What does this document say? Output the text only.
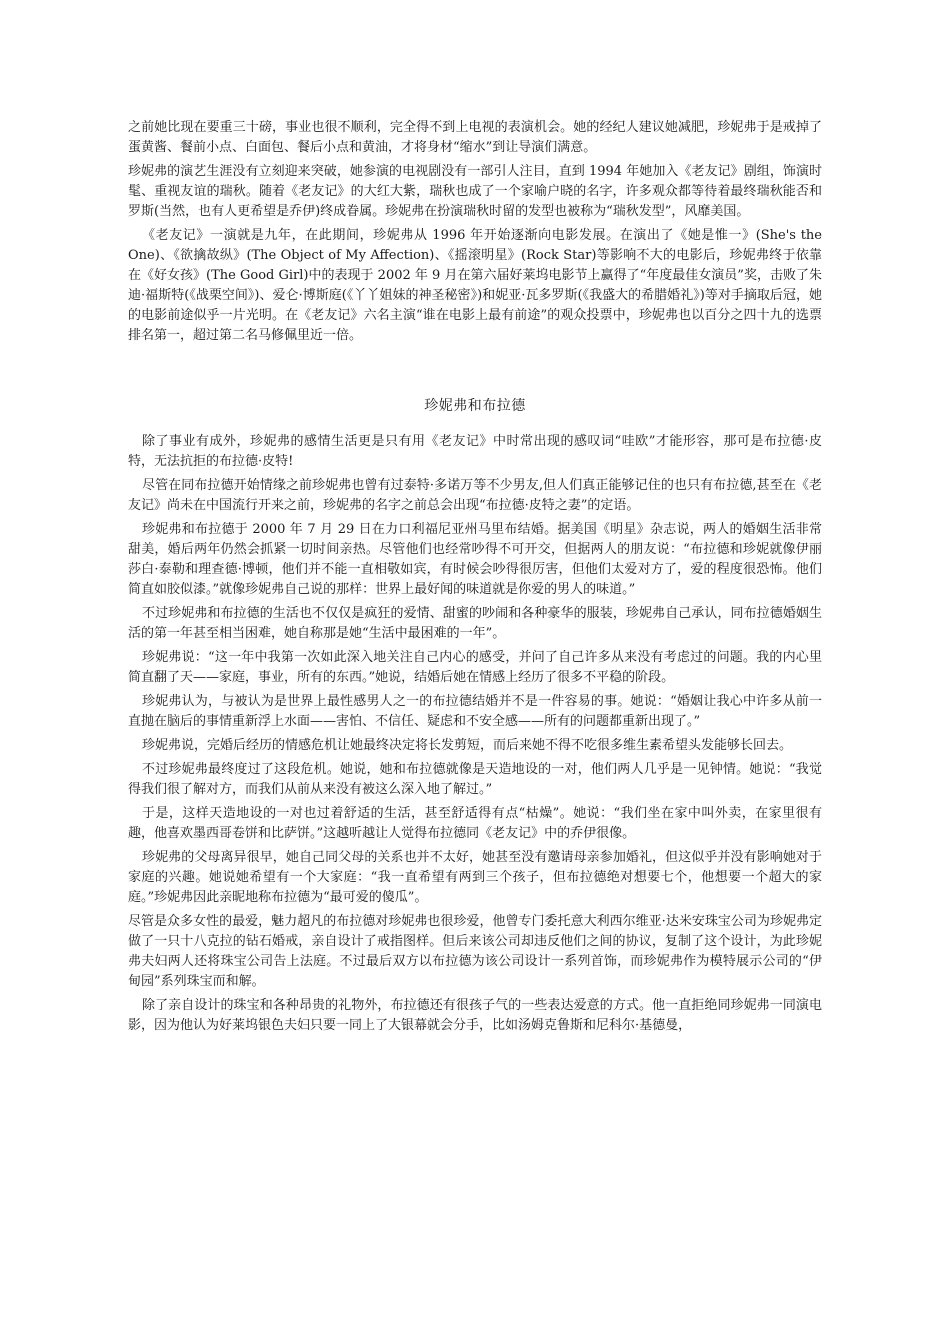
之前她比现在要重三十磅，事业也很不顺利，完全得不到上电视的表演机会。她的经纪人建议她减肥，珍妮弗于是戒掉了蛋黄酱、餐前小点、白面包、餐后小点和黄油，才将身材“缩水”到让导演们满意。

珍妮弗的演艺生涯没有立刻迎来突破，她参演的电视剧没有一部引人注目，直到 1994 年她加入《老友记》剧组，饰演时髦、重视友谊的瑞秋。随着《老友记》的大红大紫，瑞秋也成了一个家喻户晓的名字，许多观众都等待着最终瑞秋能否和罗斯(当然，也有人更希望是乔伊)终成眷属。珍妮弗在扮演瑞秋时留的发型也被称为“瑞秋发型”，风靡美国。

《老友记》一演就是九年，在此期间，珍妮弗从 1996 年开始逐渐向电影发展。在演出了《她是惟一》(She's the One)、《欲擒故纵》(The Object of My Affection)、《摇滚明星》(Rock Star)等影响不大的电影后，珍妮弗终于依靠在《好女孩》(The Good Girl)中的表现于 2002 年 9 月在第六届好莱坞电影节上赢得了“年度最佳女演员”奖，击败了朱迪·福斯特(《战栗空间》)、爱仑·博斯庭(《丫丫姐妹的神圣秘密》)和妮亚·瓦多罗斯(《我盛大的希腊婚礼》)等对手摘取后冠，她的电影前途似乎一片光明。在《老友记》六名主演“谁在电影上最有前途”的观众投票中，珍妮弗也以百分之四十九的选票排名第一，超过第二名马修佩里近一倍。

珍妮弗和布拉德

除了事业有成外，珍妮弗的感情生活更是只有用《老友记》中时常出现的感叹词“哇欧”才能形容，那可是布拉德·皮特，无法抗拒的布拉德·皮特!

尽管在同布拉德开始情缘之前珍妮弗也曾有过泰特·多诺万等不少男友,但人们真正能够记住的也只有布拉德,甚至在《老友记》尚未在中国流行开来之前，珍妮弗的名字之前总会出现“布拉德·皮特之妻”的定语。

珍妮弗和布拉德于 2000 年 7 月 29 日在力口利福尼亚州马里布结婚。据美国《明星》杂志说，两人的婚姻生活非常甜美，婚后两年仍然会抓紧一切时间亲热。尽管他们也经常吵得不可开交，但据两人的朋友说：“布拉德和珍妮就像伊丽莎白·泰勒和理查德·博顿，他们并不能一直相敬如宾，有时候会吵得很厉害，但他们太爱对方了，爱的程度很恐怖。他们简直如胶似漆。”就像珍妮弗自己说的那样：世界上最好闻的味道就是你爱的男人的味道。”

不过珍妮弗和布拉德的生活也不仅仅是疯狂的爱情、甜蜜的吵闹和各种豪华的服装，珍妮弗自己承认，同布拉德婚姻生活的第一年甚至相当困难，她自称那是她“生活中最困难的一年”。

珍妮弗说：“这一年中我第一次如此深入地关注自己内心的感受，并问了自己许多从来没有考虑过的问题。我的内心里简直翻了天——家庭，事业，所有的东西。”她说，结婚后她在情感上经历了很多不平稳的阶段。

珍妮弗认为，与被认为是世界上最性感男人之一的布拉德结婚并不是一件容易的事。她说：“婚姻让我心中许多从前一直抛在脑后的事情重新浮上水面——害怕、不信任、疑虑和不安全感——所有的问题都重新出现了。”

珍妮弗说，完婚后经历的情感危机让她最终决定将长发剪短，而后来她不得不吃很多维生素希望头发能够长回去。

不过珍妮弗最终度过了这段危机。她说，她和布拉德就像是天造地设的一对，他们两人几乎是一见钟情。她说：“我觉得我们很了解对方，而我们从前从来没有被这么深入地了解过。”

于是，这样天造地设的一对也过着舒适的生活，甚至舒适得有点“枯燥”。她说：“我们坐在家中叫外卖，在家里很有趣，他喜欢墨西哥卷饼和比萨饼。”这越听越让人觉得布拉德同《老友记》中的乔伊很像。

珍妮弗的父母离异很早，她自己同父母的关系也并不太好，她甚至没有邀请母亲参加婚礼，但这似乎并没有影响她对于家庭的兴趣。她说她希望有一个大家庭：“我一直希望有两到三个孩子，但布拉德绝对想要七个，他想要一个超大的家庭。”珍妮弗因此亲昵地称布拉德为“最可爱的傻瓜”。

尽管是众多女性的最爱，魅力超凡的布拉德对珍妮弗也很珍爱，他曾专门委托意大利西尔维亚·达米安珠宝公司为珍妮弗定做了一只十八克拉的钻石婚戒，亲自设计了戒指图样。但后来该公司却违反他们之间的协议，复制了这个设计，为此珍妮弗夫妇两人还将珠宝公司告上法庭。不过最后双方以布拉德为该公司设计一系列首饰，而珍妮弗作为模特展示公司的“伊甸园”系列珠宝而和解。

除了亲自设计的珠宝和各种昂贵的礼物外，布拉德还有很孩子气的一些表达爱意的方式。他一直拒绝同珍妮弗一同演电影，因为他认为好莱坞银色夫妇只要一同上了大银幕就会分手，比如汤姆克鲁斯和尼科尔·基德曼，
